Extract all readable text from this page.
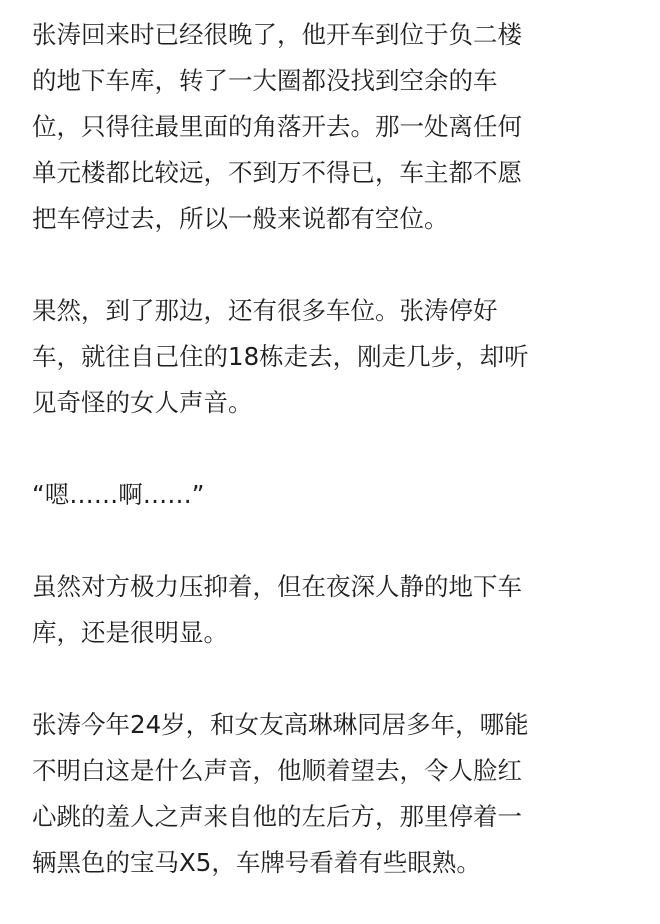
张涛回来时已经很晚了，他开车到位于负二楼
的地下车库，转了一大圈都没找到空余的车
位，只得往最里面的角落开去。那一处离任何
单元楼都比较远，不到万不得已，车主都不愿
把车停过去，所以一般来说都有空位。
果然，到了那边，还有很多车位。张涛停好
车，就往自己住的18栋走去，刚走几步，却听
见奇怪的女人声音。
“嗯……啊……”
虽然对方极力压抑着，但在夜深人静的地下车
库，还是很明显。
张涛今年24岁，和女友高琳琳同居多年，哪能
不明白这是什么声音，他顺着望去，令人脸红
心跳的羞人之声来自他的左后方，那里停着一
辆黑色的宝马X5，车牌号看着有些眼熟。
